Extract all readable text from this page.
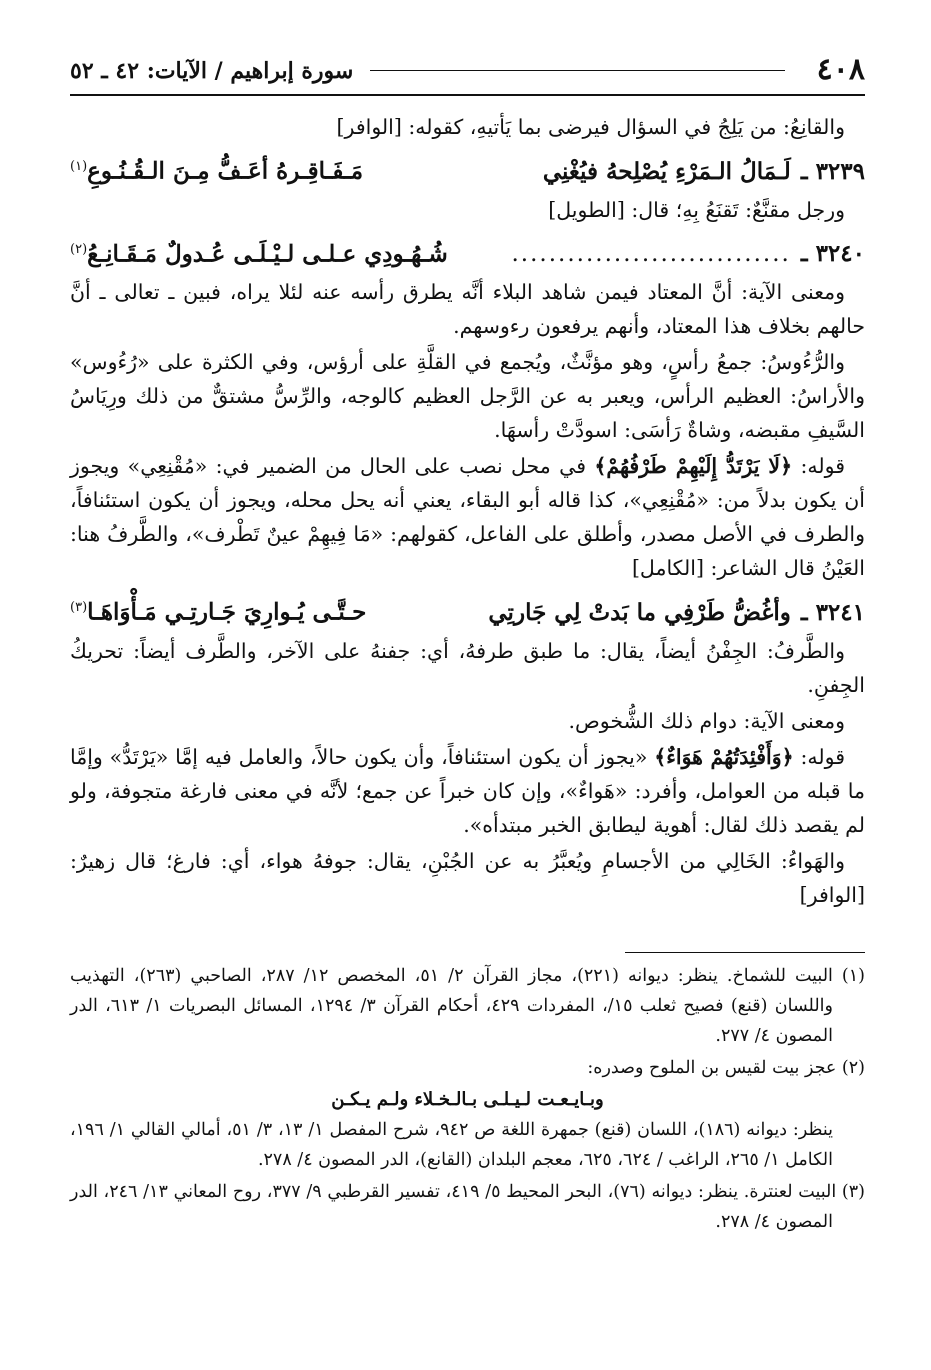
٤٠٨
سورة إبراهيم / الآيات: ٤٢ ـ ٥٢

والقانِعُ: من يَلِجُ في السؤال فيرضى بما يَأتيهِ، كقوله: [الوافر]

٣٢٣٩ ـ
لَـمَالُ الـمَرْءِ يُصْلِحهُ فيُغْنِي
مَـفَـاقِـرهُ أعَـفُّ مِـنَ الـقُـنُـوعِ$^{(١)}$

ورجل مقنَّعٌ: تَقنَعُ بِهِ؛ قال: [الطويل]

٣٢٤٠ ـ
..............................
شُـهُـودِي عـلـى لـيْـلَـى عُـدولٌ مَـقَـانِـعُ$^{(٢)}$

ومعنى الآية: أنَّ المعتاد فيمن شاهد البلاء أنَّه يطرق رأسه عنه لئلا يراه، فبين ـ تعالى ـ أنَّ حالهم بخلاف هذا المعتاد، وأنهم يرفعون رءوسهم.

والرُّءُوسُ: جمعُ رأسٍ، وهو مؤنَّثٌ، ويُجمع في القلَّةِ على أرؤس، وفي الكثرة على «رُءُوس» والأراسُ: العظيم الرأس، ويعبر به عن الرَّجل العظيم كالوجه، والرِّسُّ مشتقٌّ من ذلك ورِيَاسُ السَّيفِ مقبضه، وشاةٌ رَأسَى: اسودَّتْ رأسهَا.

قوله: ﴿لَا يَرْتَدُّ إِلَيْهِمْ طَرْفُهُمْ﴾ في محل نصب على الحال من الضمير في: «مُقْنِعِي» ويجوز أن يكون بدلاً من: «مُقْنِعِي»، كذا قاله أبو البقاء، يعني أنه يحل محله، ويجوز أن يكون استئنافاً، والطرف في الأصل مصدر، وأطلق على الفاعل، كقولهم: «مَا فِيهِمْ عينٌ تَطْرف»، والطَّرفُ هنا: العَيْنُ قال الشاعر: [الكامل]

٣٢٤١ ـ
وأغُضُّ طَرْفِي ما بَدتْ لِي جَارتِي
حـتَّـى يُـوارِيَ جَـارتِـي مَـأْوَاهَـا$^{(٣)}$

والطَّرفُ: الجِفْنُ أيضاً، يقال: ما طبق طرفهُ، أي: جفنهُ على الآخر، والطَّرف أيضاً: تحريكُ الجِفنِ.

ومعنى الآية: دوام ذلك الشُّخوص.

قوله: ﴿وَأَفْئِدَتُهُمْ هَوَاءٌ﴾ «يجوز أن يكون استئنافاً، وأن يكون حالاً، والعامل فيه إمَّا «يَرْتَدُّ» وإمَّا ما قبله من العوامل، وأفرد: «هَواءٌ»، وإن كان خبراً عن جمع؛ لأنَّه في معنى فارغة متجوفة، ولو لم يقصد ذلك لقال: أهوية ليطابق الخبر مبتدأه».

والهَواءُ: الخَالِي من الأجسامِ ويُعبَّرُ به عن الجُبْنِ، يقال: جوفهُ هواء، أي: فارغ؛ قال زهيرٌ: [الوافر]

(١) البيت للشماخ. ينظر: ديوانه (٢٢١)، مجاز القرآن ٢/ ٥١، المخصص ١٢/ ٢٨٧، الصاحبي (٢٦٣)، التهذيب واللسان (قنع) فصيح ثعلب ١٥/، المفردات ٤٢٩، أحكام القرآن ٣/ ١٢٩٤، المسائل البصريات ١/ ٦١٣، الدر المصون ٤/ ٢٧٧.

(٢) عجز بيت لقيس بن الملوح وصدره:

وبـايـعـت لـيـلـى بـالـخـلاء ولـم يـكـن

ينظر: ديوانه (١٨٦)، اللسان (قنع) جمهرة اللغة ص ٩٤٢، شرح المفصل ١/ ١٣، ٣/ ٥١، أمالي القالي ١/ ١٩٦، الكامل ١/ ٢٦٥، الراغب / ٦٢٤، ٦٢٥، معجم البلدان (القانع)، الدر المصون ٤/ ٢٧٨.

(٣) البيت لعنترة. ينظر: ديوانه (٧٦)، البحر المحيط ٥/ ٤١٩، تفسير القرطبي ٩/ ٣٧٧، روح المعاني ١٣/ ٢٤٦، الدر المصون ٤/ ٢٧٨.
